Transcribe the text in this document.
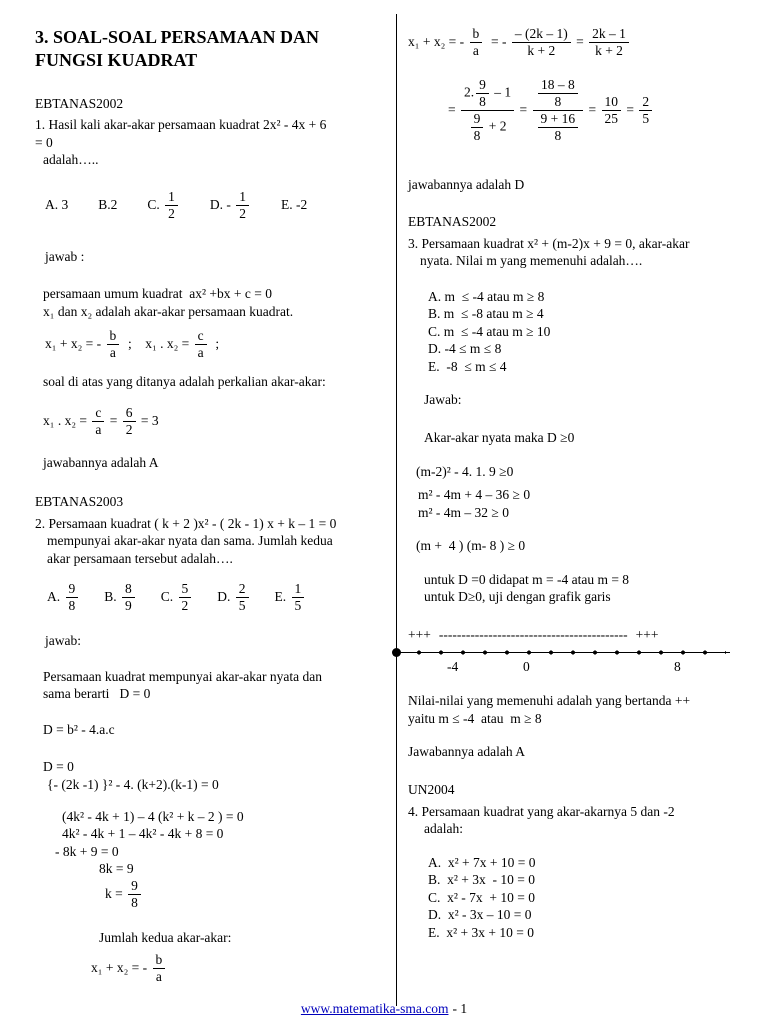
3. SOAL-SOAL PERSAMAAN DAN

FUNGSI KUADRAT

EBTANAS2002

1. Hasil kali akar-akar persamaan kuadrat 2x² - 4x + 6

= 0

adalah…..

A. 3 B.2 C. $\frac{1}{2} D$. - $\frac{1}{2} E$. -2

jawab :

persamaan umum kuadrat  ax² +bx + c = 0

x₁ dan x₂ adalah akar-akar persamaan kuadrat.

x₁ + x₂ = - $\frac{b}{a}$ ;    x₁ . $x_2 = \frac{c}{a}$ ;

soal di atas yang ditanya adalah perkalian akar-akar:

x₁ . $x_2 = \frac{c}{a} = \frac{6}{2} = 3$

jawabannya adalah A

EBTANAS2003

2. Persamaan kuadrat ( k + 2 )x² - ( 2k - 1) x + k – 1 = 0

mempunyai akar-akar nyata dan sama. Jumlah kedua

akar persamaan tersebut adalah….

A. $\frac{9}{8} B$. $\frac{8}{9} C$. $\frac{5}{2} D$. $\frac{2}{5} E$. $\frac{1}{5}$

jawab:

Persamaan kuadrat mempunyai akar-akar nyata dan

sama berarti   D = 0

D = b² - 4.a.c

D = 0

{- (2k -1) }² - 4. (k+2).(k-1) = 0

(4k² - 4k + 1) – 4 (k² + k – 2 ) = 0

4k² - 4k + 1 – 4k² - 4k + 8 = 0

- 8k + 9 = 0

8k = 9

$k = \frac{9}{8}$

Jumlah kedua akar-akar:

x₁ + x₂ = - $\frac{b}{a}$
x₁ + x₂ = - $\frac{b}{a}$ = - $\frac{- (2k - 1)}{k + 2} = \frac{2k - 1}{k + 2}$
= $\frac{2. \frac{9}{8} - 1}{\frac{9}{8} + 2} = \frac{\frac{18 - 8}{8}}{\frac{9 + 16}{8}} = \frac{10}{25} = \frac{2}{5}$

jawabannya adalah D

EBTANAS2002

3. Persamaan kuadrat x² + (m-2)x + 9 = 0, akar-akar

nyata. Nilai m yang memenuhi adalah….

A. m  ≤ -4 atau m ≥ 8

B. m  ≤ -8 atau m ≥ 4

C. m  ≤ -4 atau m ≥ 10

D. -4 ≤ m ≤ 8

E.  -8  ≤ m ≤ 4

Jawab:

Akar-akar nyata maka D ≥0

(m-2)² - 4. 1. 9 ≥0

m² - 4m + 4 – 36 ≥ 0

m² - 4m – 32 ≥ 0

(m +  4 ) (m- 8 ) ≥ 0

untuk D =0 didapat m = -4 atau m = 8

untuk D≥0, uji dengan grafik garis

+++ ------------------------------------------ +++
-4	0	8

Nilai-nilai yang memenuhi adalah yang bertanda ++

yaitu m ≤ -4  atau  m ≥ 8

Jawabannya adalah A

UN2004

4. Persamaan kuadrat yang akar-akarnya 5 dan -2

adalah:

A.  x² + 7x + 10 = 0

B.  x² + 3x  - 10 = 0

C.  x² - 7x  + 10 = 0

D.  x² - 3x – 10 = 0

E.  x² + 3x + 10 = 0

www.matematika-sma.com - 1
